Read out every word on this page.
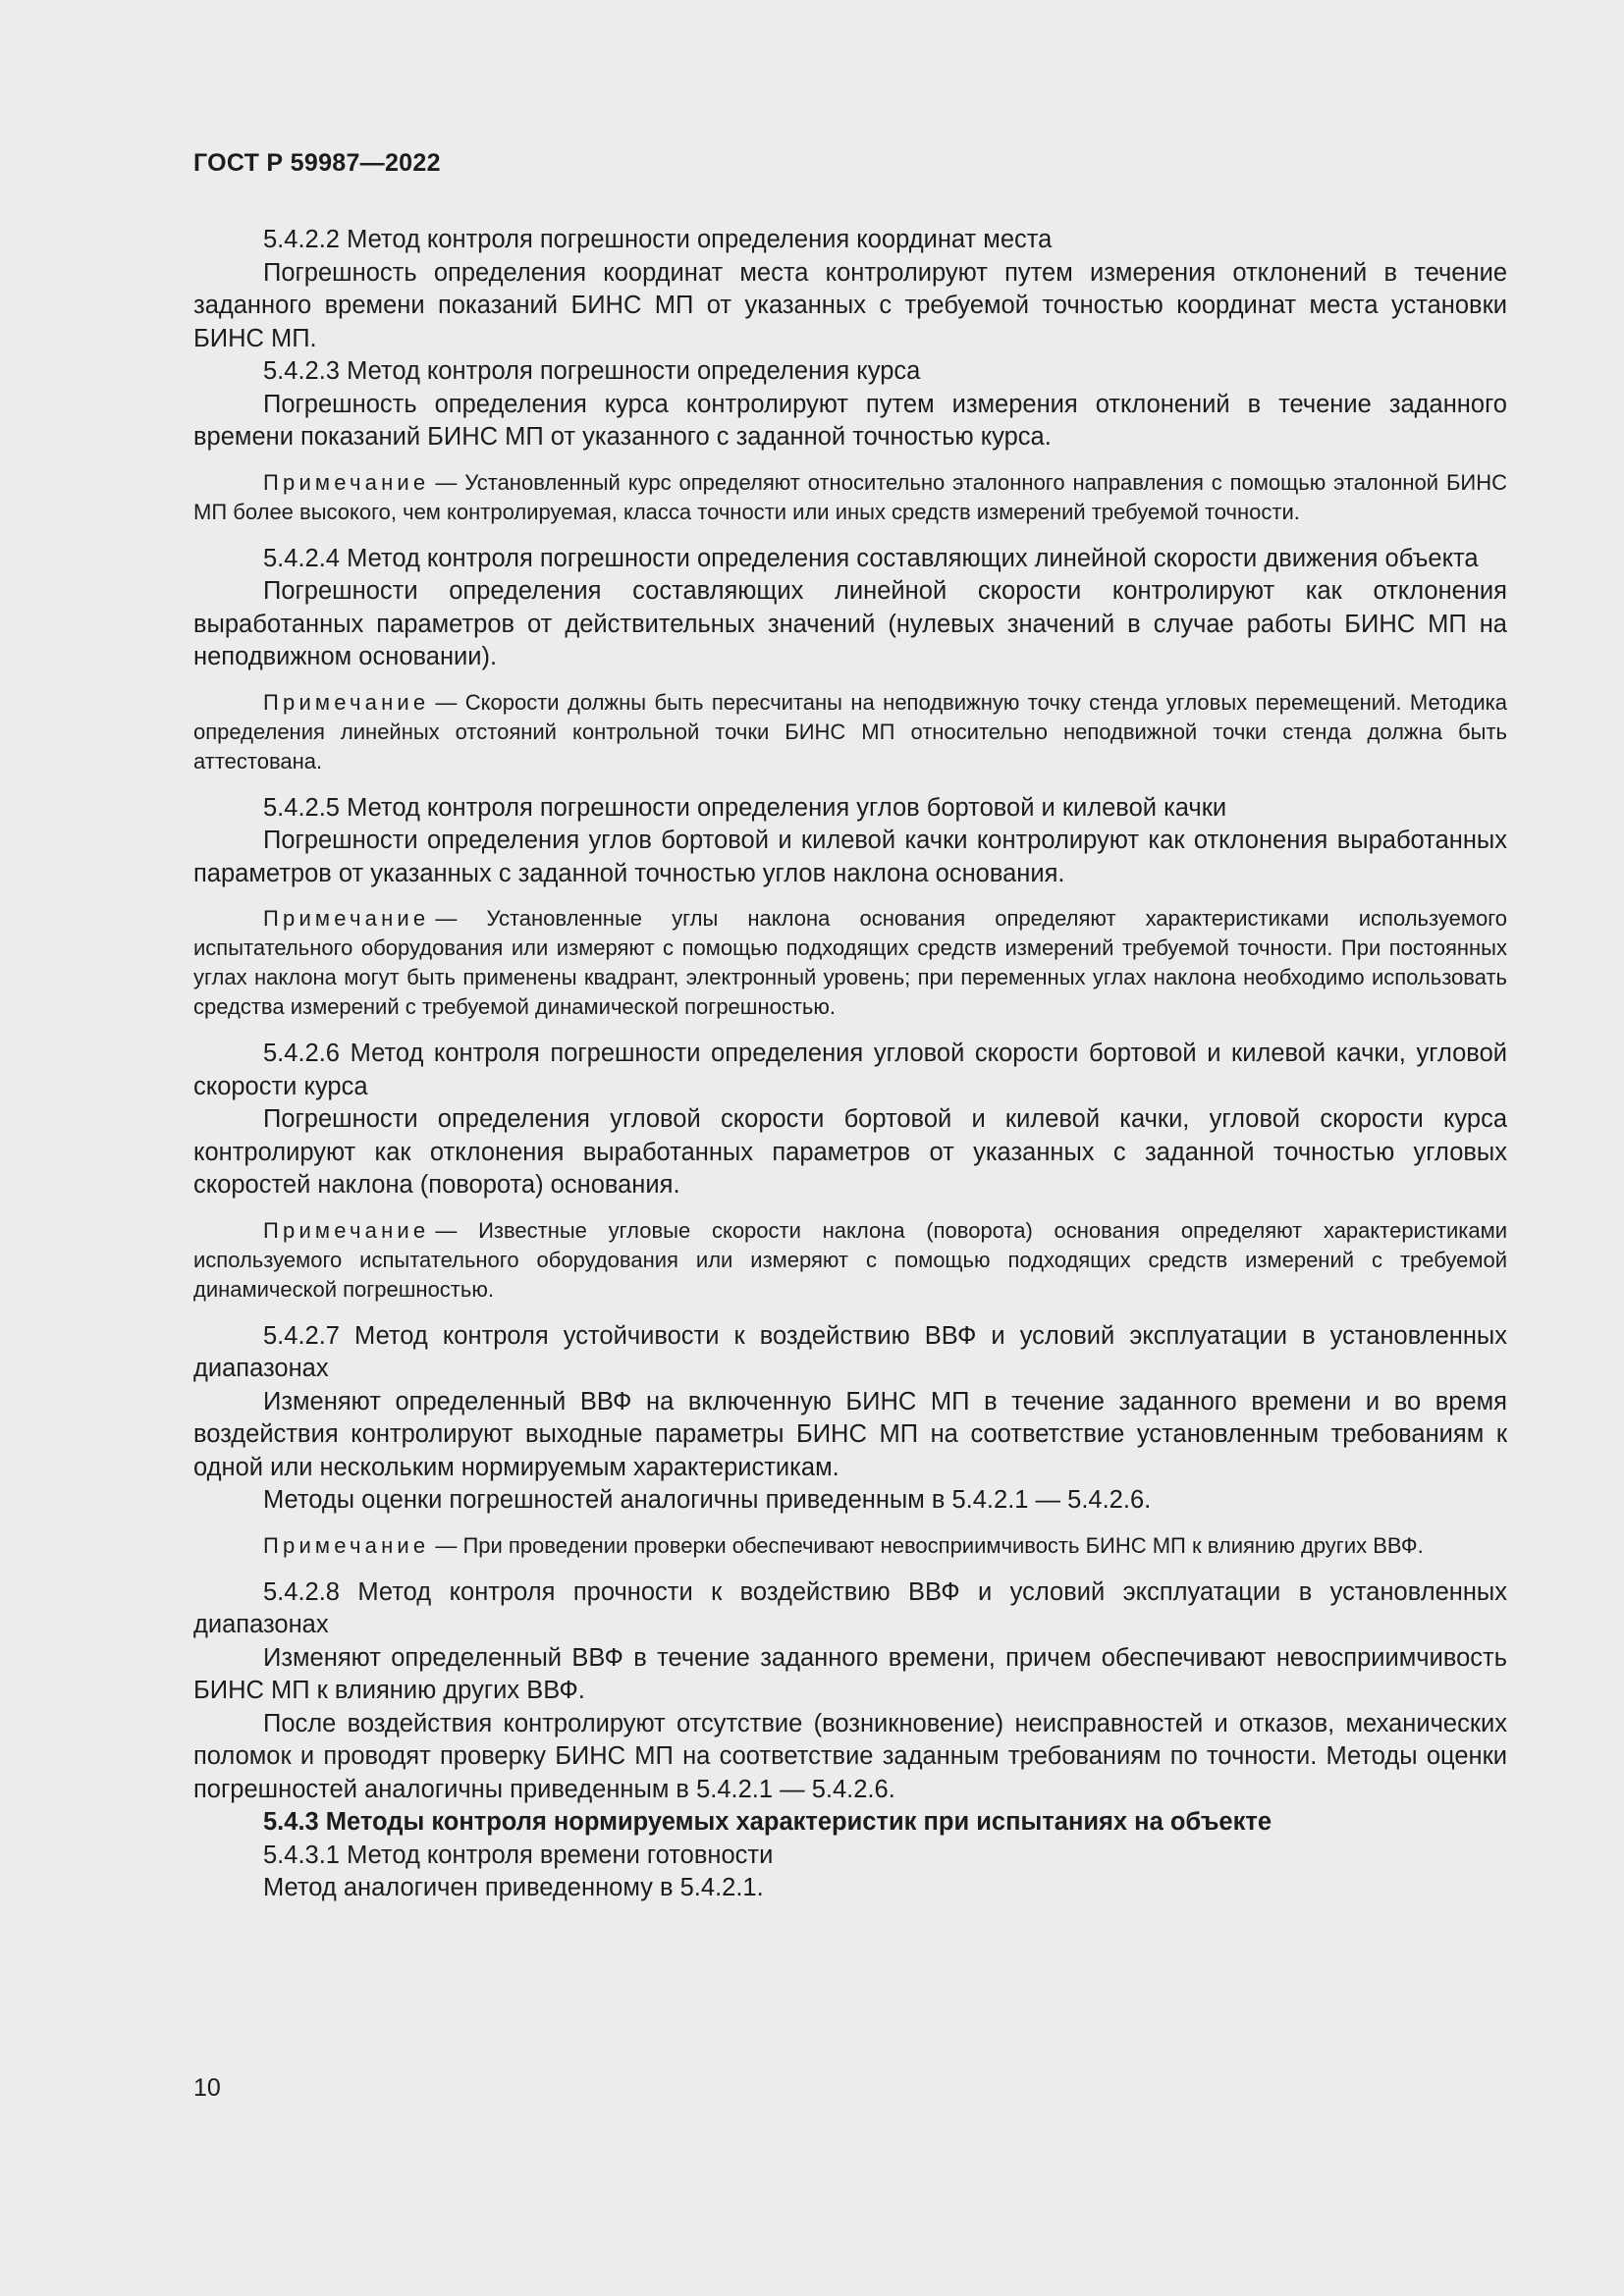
ГОСТ Р 59987—2022

5.4.2.2 Метод контроля погрешности определения координат места

Погрешность определения координат места контролируют путем измерения отклонений в течение заданного времени показаний БИНС МП от указанных с требуемой точностью координат места установки БИНС МП.

5.4.2.3 Метод контроля погрешности определения курса

Погрешность определения курса контролируют путем измерения отклонений в течение заданного времени показаний БИНС МП от указанного с заданной точностью курса.

Примечание — Установленный курс определяют относительно эталонного направления с помощью эталонной БИНС МП более высокого, чем контролируемая, класса точности или иных средств измерений требуемой точности.

5.4.2.4 Метод контроля погрешности определения составляющих линейной скорости движения объекта

Погрешности определения составляющих линейной скорости контролируют как отклонения выработанных параметров от действительных значений (нулевых значений в случае работы БИНС МП на неподвижном основании).

Примечание — Скорости должны быть пересчитаны на неподвижную точку стенда угловых перемещений. Методика определения линейных отстояний контрольной точки БИНС МП относительно неподвижной точки стенда должна быть аттестована.

5.4.2.5 Метод контроля погрешности определения углов бортовой и килевой качки

Погрешности определения углов бортовой и килевой качки контролируют как отклонения выработанных параметров от указанных с заданной точностью углов наклона основания.

Примечание — Установленные углы наклона основания определяют характеристиками используемого испытательного оборудования или измеряют с помощью подходящих средств измерений требуемой точности. При постоянных углах наклона могут быть применены квадрант, электронный уровень; при переменных углах наклона необходимо использовать средства измерений с требуемой динамической погрешностью.

5.4.2.6 Метод контроля погрешности определения угловой скорости бортовой и килевой качки, угловой скорости курса

Погрешности определения угловой скорости бортовой и килевой качки, угловой скорости курса контролируют как отклонения выработанных параметров от указанных с заданной точностью угловых скоростей наклона (поворота) основания.

Примечание — Известные угловые скорости наклона (поворота) основания определяют характеристиками используемого испытательного оборудования или измеряют с помощью подходящих средств измерений с требуемой динамической погрешностью.

5.4.2.7 Метод контроля устойчивости к воздействию ВВФ и условий эксплуатации в установленных диапазонах

Изменяют определенный ВВФ на включенную БИНС МП в течение заданного времени и во время воздействия контролируют выходные параметры БИНС МП на соответствие установленным требованиям к одной или нескольким нормируемым характеристикам.

Методы оценки погрешностей аналогичны приведенным в 5.4.2.1 — 5.4.2.6.

Примечание — При проведении проверки обеспечивают невосприимчивость БИНС МП к влиянию других ВВФ.

5.4.2.8 Метод контроля прочности к воздействию ВВФ и условий эксплуатации в установленных диапазонах

Изменяют определенный ВВФ в течение заданного времени, причем обеспечивают невосприимчивость БИНС МП к влиянию других ВВФ.

После воздействия контролируют отсутствие (возникновение) неисправностей и отказов, механических поломок и проводят проверку БИНС МП на соответствие заданным требованиям по точности. Методы оценки погрешностей аналогичны приведенным в 5.4.2.1 — 5.4.2.6.

5.4.3 Методы контроля нормируемых характеристик при испытаниях на объекте

5.4.3.1 Метод контроля времени готовности

Метод аналогичен приведенному в 5.4.2.1.

10
